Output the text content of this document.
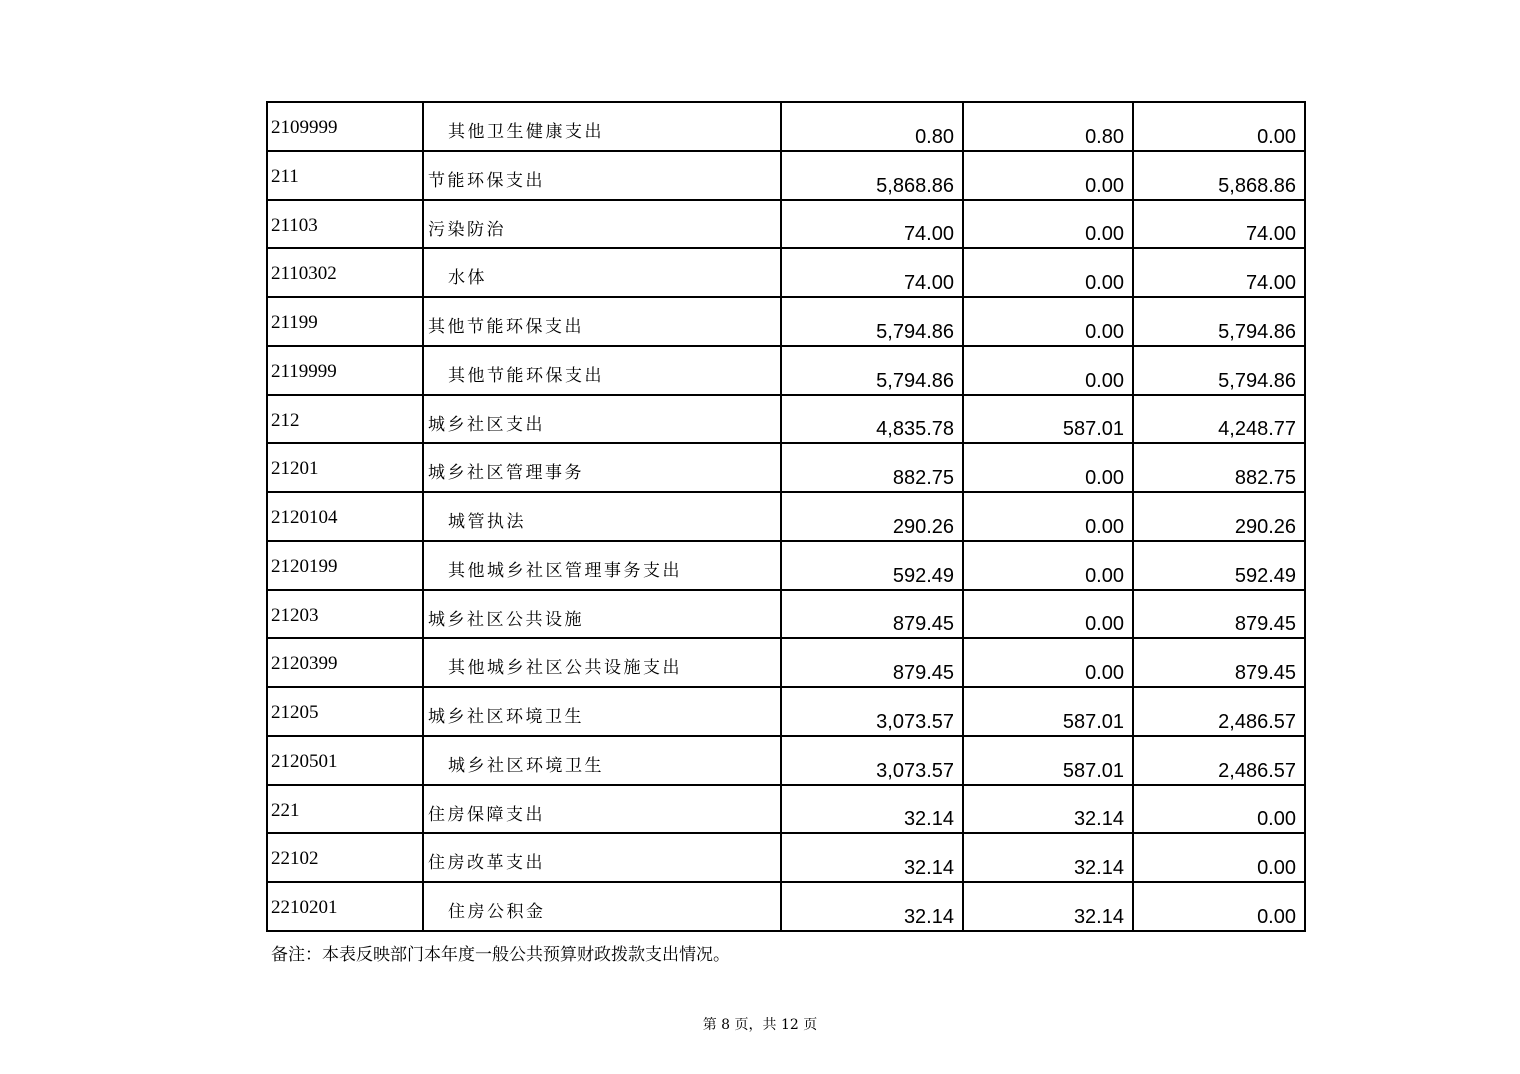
2109999	其他卫生健康支出	0.80	0.80	0.00
211	节能环保支出	5,868.86	0.00	5,868.86
21103	污染防治	74.00	0.00	74.00
2110302	水体	74.00	0.00	74.00
21199	其他节能环保支出	5,794.86	0.00	5,794.86
2119999	其他节能环保支出	5,794.86	0.00	5,794.86
212	城乡社区支出	4,835.78	587.01	4,248.77
21201	城乡社区管理事务	882.75	0.00	882.75
2120104	城管执法	290.26	0.00	290.26
2120199	其他城乡社区管理事务支出	592.49	0.00	592.49
21203	城乡社区公共设施	879.45	0.00	879.45
2120399	其他城乡社区公共设施支出	879.45	0.00	879.45
21205	城乡社区环境卫生	3,073.57	587.01	2,486.57
2120501	城乡社区环境卫生	3,073.57	587.01	2,486.57
221	住房保障支出	32.14	32.14	0.00
22102	住房改革支出	32.14	32.14	0.00
2210201	住房公积金	32.14	32.14	0.00
备注：本表反映部门本年度一般公共预算财政拨款支出情况。
第 8 页，共 12 页
